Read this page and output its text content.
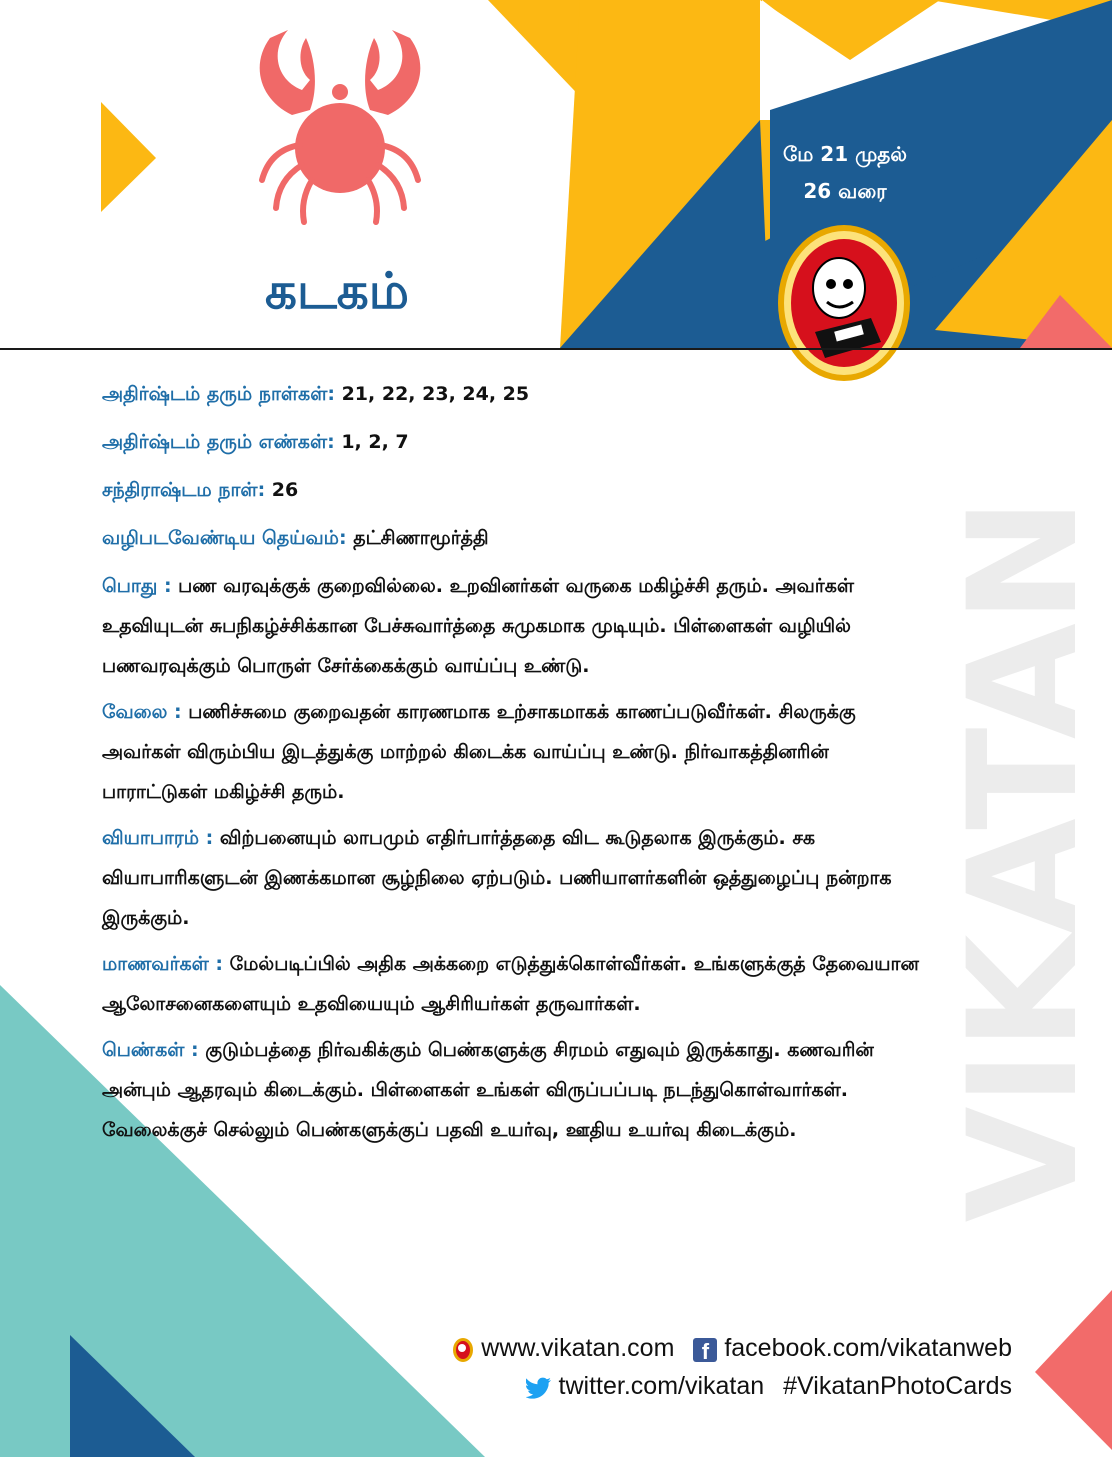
VIKATAN
கடகம்
மே 21 முதல்
26 வரை
அதிர்ஷ்டம் தரும் நாள்கள்: 21, 22, 23, 24, 25
அதிர்ஷ்டம் தரும் எண்கள்: 1, 2, 7
சந்திராஷ்டம நாள்: 26
வழிபடவேண்டிய தெய்வம்: தட்சிணாமூர்த்தி
பொது : பண வரவுக்குக் குறைவில்லை. உறவினர்கள் வருகை மகிழ்ச்சி தரும். அவர்கள் உதவியுடன் சுபநிகழ்ச்சிக்கான பேச்சுவார்த்தை சுமுகமாக முடியும். பிள்ளைகள் வழியில் பணவரவுக்கும் பொருள் சேர்க்கைக்கும் வாய்ப்பு உண்டு.
வேலை : பணிச்சுமை குறைவதன் காரணமாக உற்சாகமாகக் காணப்படுவீர்கள். சிலருக்கு அவர்கள் விரும்பிய இடத்துக்கு மாற்றல் கிடைக்க வாய்ப்பு உண்டு. நிர்வாகத்தினரின் பாராட்டுகள் மகிழ்ச்சி தரும்.
வியாபாரம் : விற்பனையும் லாபமும் எதிர்பார்த்ததை விட கூடுதலாக இருக்கும். சக வியாபாரிகளுடன் இணக்கமான சூழ்நிலை ஏற்படும். பணியாளர்களின் ஒத்துழைப்பு நன்றாக இருக்கும்.
மாணவர்கள் : மேல்படிப்பில் அதிக அக்கறை எடுத்துக்கொள்வீர்கள். உங்களுக்குத் தேவையான ஆலோசனைகளையும் உதவியையும் ஆசிரியர்கள் தருவார்கள்.
பெண்கள் : குடும்பத்தை நிர்வகிக்கும் பெண்களுக்கு சிரமம் எதுவும் இருக்காது. கணவரின் அன்பும் ஆதரவும் கிடைக்கும். பிள்ளைகள் உங்கள் விருப்பப்படி நடந்துகொள்வார்கள். வேலைக்குச் செல்லும் பெண்களுக்குப் பதவி உயர்வு, ஊதிய உயர்வு கிடைக்கும்.
www.vikatan.com f facebook.com/vikatanweb
twitter.com/vikatan #VikatanPhotoCards
